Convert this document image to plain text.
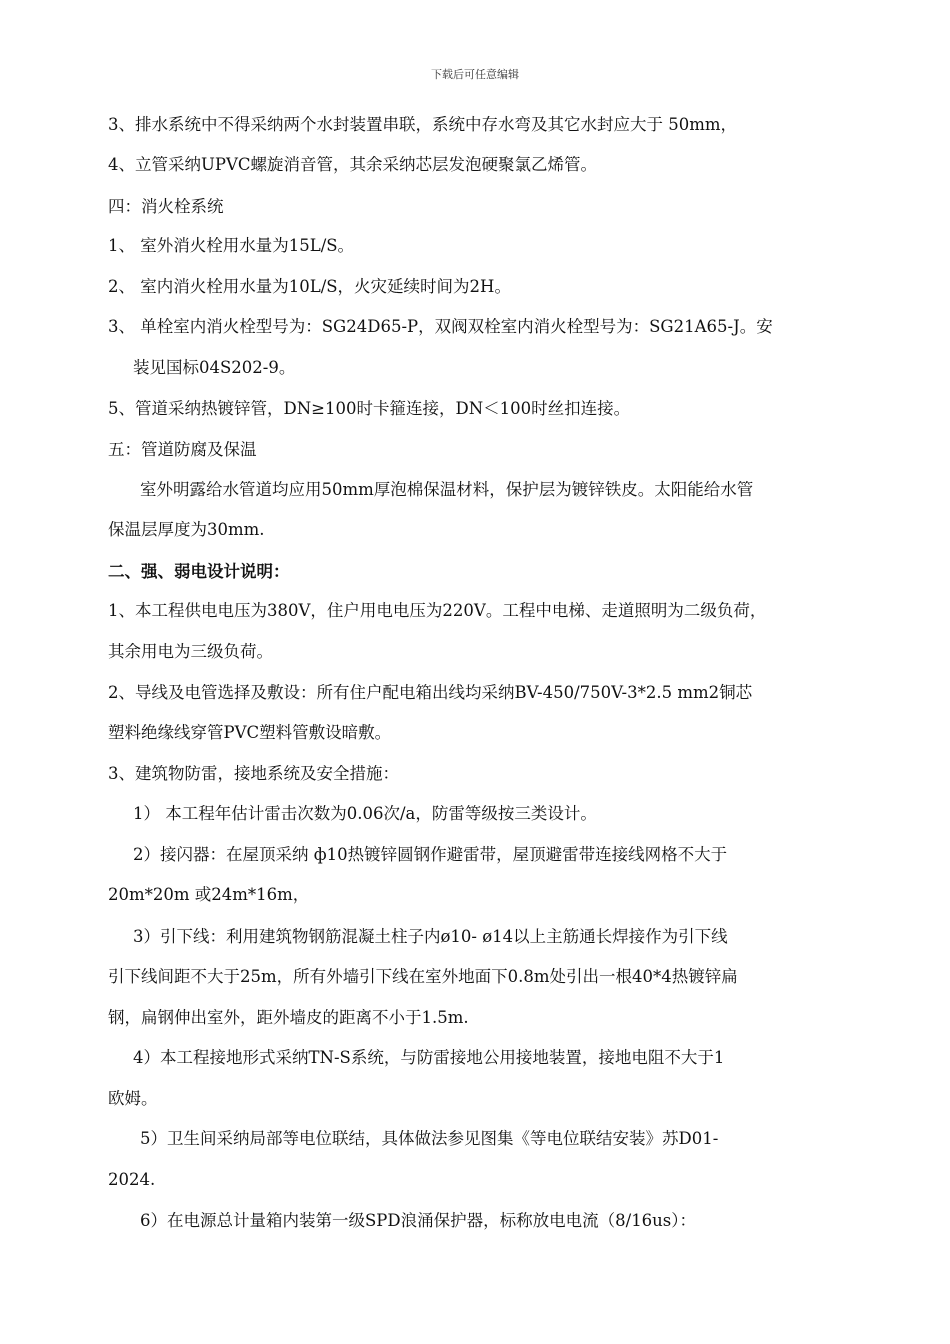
下载后可任意编辑
3、排水系统中不得采纳两个水封装置串联，系统中存水弯及其它水封应大于 50mm，
4、立管采纳UPVC螺旋消音管，其余采纳芯层发泡硬聚氯乙烯管。
四：消火栓系统
1、 室外消火栓用水量为15L/S。
2、 室内消火栓用水量为10L/S，火灾延续时间为2H。
3、 单栓室内消火栓型号为：SG24D65-P，双阀双栓室内消火栓型号为：SG21A65-J。安
装见国标04S202-9。
5、管道采纳热镀锌管，DN≥100时卡箍连接，DN＜100时丝扣连接。
五：管道防腐及保温
室外明露给水管道均应用50mm厚泡棉保温材料，保护层为镀锌铁皮。太阳能给水管
保温层厚度为30mm.
二、强、弱电设计说明：
1、本工程供电电压为380V，住户用电电压为220V。工程中电梯、走道照明为二级负荷，
其余用电为三级负荷。
2、导线及电管选择及敷设：所有住户配电箱出线均采纳BV-450/750V-3*2.5 mm2铜芯
塑料绝缘线穿管PVC塑料管敷设暗敷。
3、建筑物防雷，接地系统及安全措施：
1） 本工程年估计雷击次数为0.06次/a，防雷等级按三类设计。
2）接闪器：在屋顶采纳 ф10热镀锌圆钢作避雷带，屋顶避雷带连接线网格不大于
20m*20m 或24m*16m，
3）引下线：利用建筑物钢筋混凝土柱子内ø10- ø14以上主筋通长焊接作为引下线
引下线间距不大于25m，所有外墙引下线在室外地面下0.8m处引出一根40*4热镀锌扁
钢，扁钢伸出室外，距外墙皮的距离不小于1.5m.
4）本工程接地形式采纳TN-S系统，与防雷接地公用接地装置，接地电阻不大于1
欧姆。
5）卫生间采纳局部等电位联结，具体做法参见图集《等电位联结安装》苏D01-
2024.
6）在电源总计量箱内装第一级SPD浪涌保护器，标称放电电流（8/16us）：
